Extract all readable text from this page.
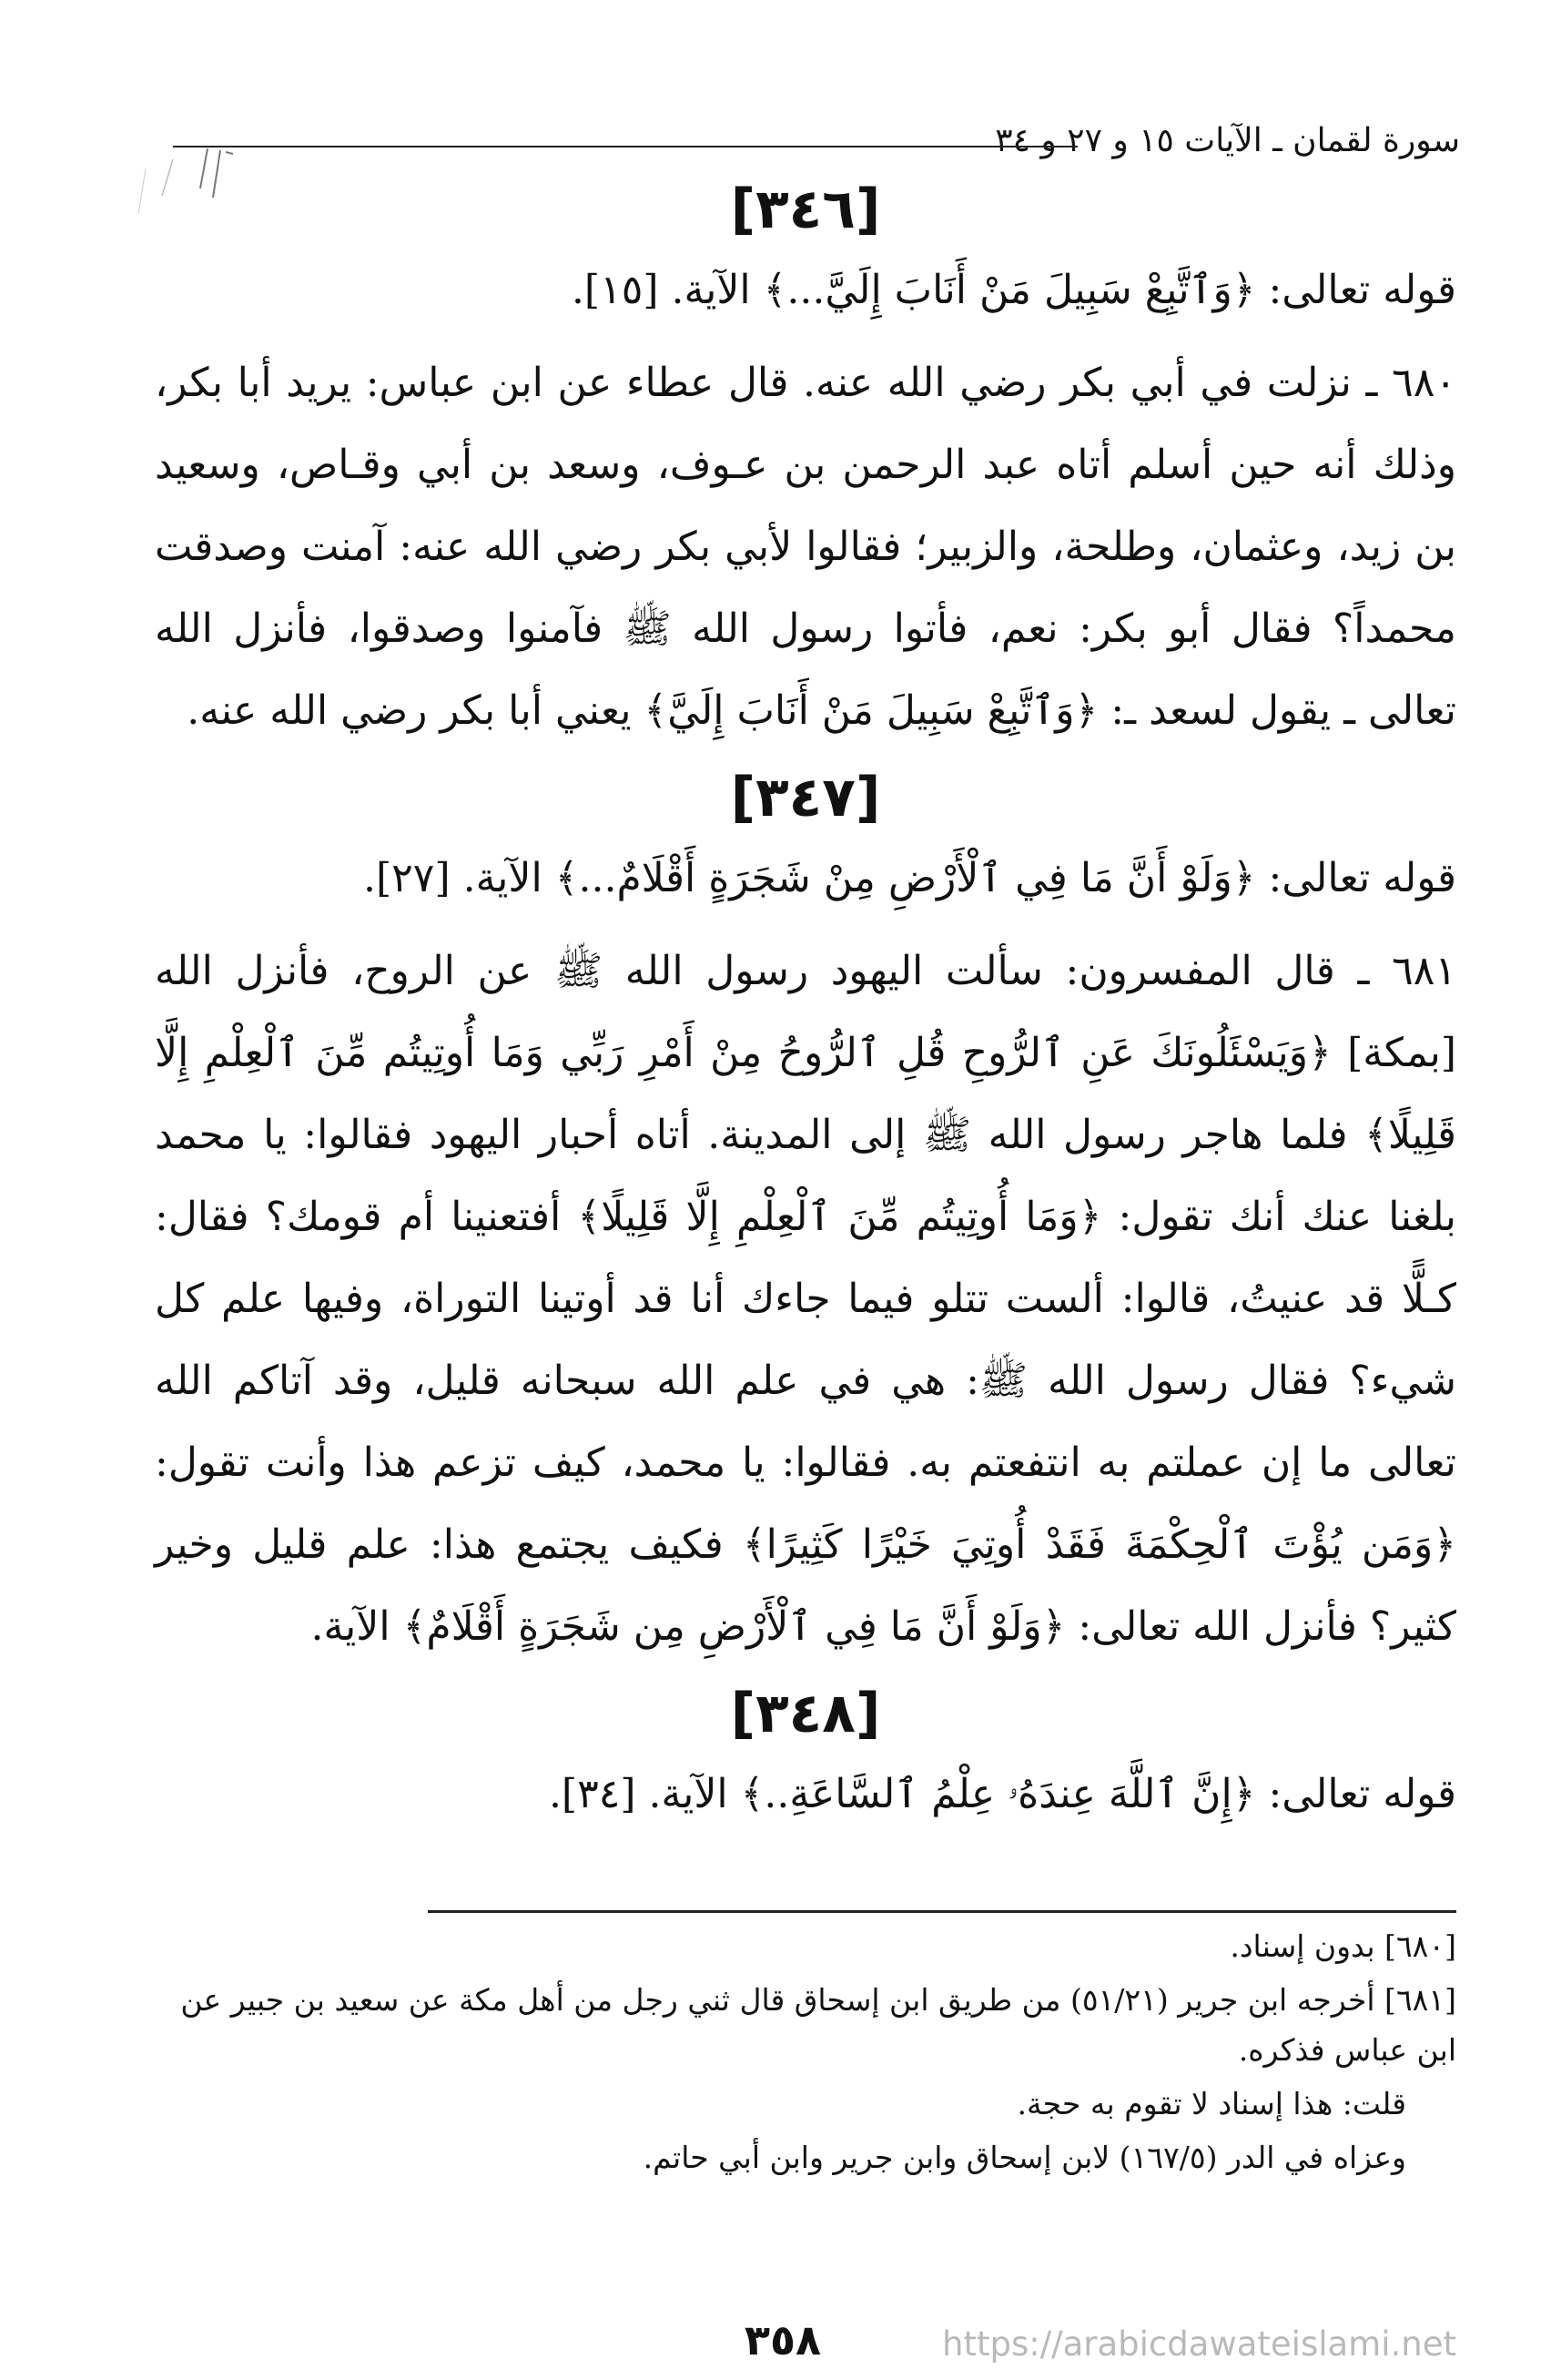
سورة لقمان ـ الآيات ١٥ و ٢٧ و ٣٤
[٣٤٦]
قوله تعالى: ﴿وَٱتَّبِعْ سَبِيلَ مَنْ أَنَابَ إِلَيَّ...﴾ الآية. [١٥].

٦٨٠ ـ نزلت في أبي بكر رضي الله عنه. قال عطاء عن ابن عباس: يريد أبا بكر، وذلك أنه حين أسلم أتاه عبد الرحمن بن عـوف، وسعد بن أبي وقـاص، وسعيد بن زيد، وعثمان، وطلحة، والزبير؛ فقالوا لأبي بكر رضي الله عنه: آمنت وصدقت محمداً؟ فقال أبو بكر: نعم، فأتوا رسول الله ﷺ فآمنوا وصدقوا، فأنزل الله تعالى ـ يقول لسعد ـ: ﴿وَٱتَّبِعْ سَبِيلَ مَنْ أَنَابَ إِلَيَّ﴾ يعني أبا بكر رضي الله عنه.

[٣٤٧]
قوله تعالى: ﴿وَلَوْ أَنَّ مَا فِي ٱلْأَرْضِ مِنْ شَجَرَةٍ أَقْلَامٌ...﴾ الآية. [٢٧].

٦٨١ ـ قال المفسرون: سألت اليهود رسول الله ﷺ عن الروح، فأنزل الله [بمكة] ﴿وَيَسْئَلُونَكَ عَنِ ٱلرُّوحِ قُلِ ٱلرُّوحُ مِنْ أَمْرِ رَبِّي وَمَا أُوتِيتُم مِّنَ ٱلْعِلْمِ إِلَّا قَلِيلًا﴾ فلما هاجر رسول الله ﷺ إلى المدينة. أتاه أحبار اليهود فقالوا: يا محمد بلغنا عنك أنك تقول: ﴿وَمَا أُوتِيتُم مِّنَ ٱلْعِلْمِ إِلَّا قَلِيلًا﴾ أفتعنينا أم قومك؟ فقال: كـلًّا قد عنيتُ، قالوا: ألست تتلو فيما جاءك أنا قد أوتينا التوراة، وفيها علم كل شيء؟ فقال رسول الله ﷺ: هي في علم الله سبحانه قليل، وقد آتاكم الله تعالى ما إن عملتم به انتفعتم به. فقالوا: يا محمد، كيف تزعم هذا وأنت تقول: ﴿وَمَن يُؤْتَ ٱلْحِكْمَةَ فَقَدْ أُوتِيَ خَيْرًا كَثِيرًا﴾ فكيف يجتمع هذا: علم قليل وخير كثير؟ فأنزل الله تعالى: ﴿وَلَوْ أَنَّ مَا فِي ٱلْأَرْضِ مِن شَجَرَةٍ أَقْلَامٌ﴾ الآية.

[٣٤٨]
قوله تعالى: ﴿إِنَّ ٱللَّهَ عِندَهُۥ عِلْمُ ٱلسَّاعَةِ..﴾ الآية. [٣٤].

[٦٨٠] بدون إسناد.

[٦٨١] أخرجه ابن جرير (٥١/٢١) من طريق ابن إسحاق قال ثني رجل من أهل مكة عن سعيد بن جبير عن ابن عباس فذكره.

قلت: هذا إسناد لا تقوم به حجة.

وعزاه في الدر (١٦٧/٥) لابن إسحاق وابن جرير وابن أبي حاتم.

٣٥٨	https://arabicdawateislami.net
